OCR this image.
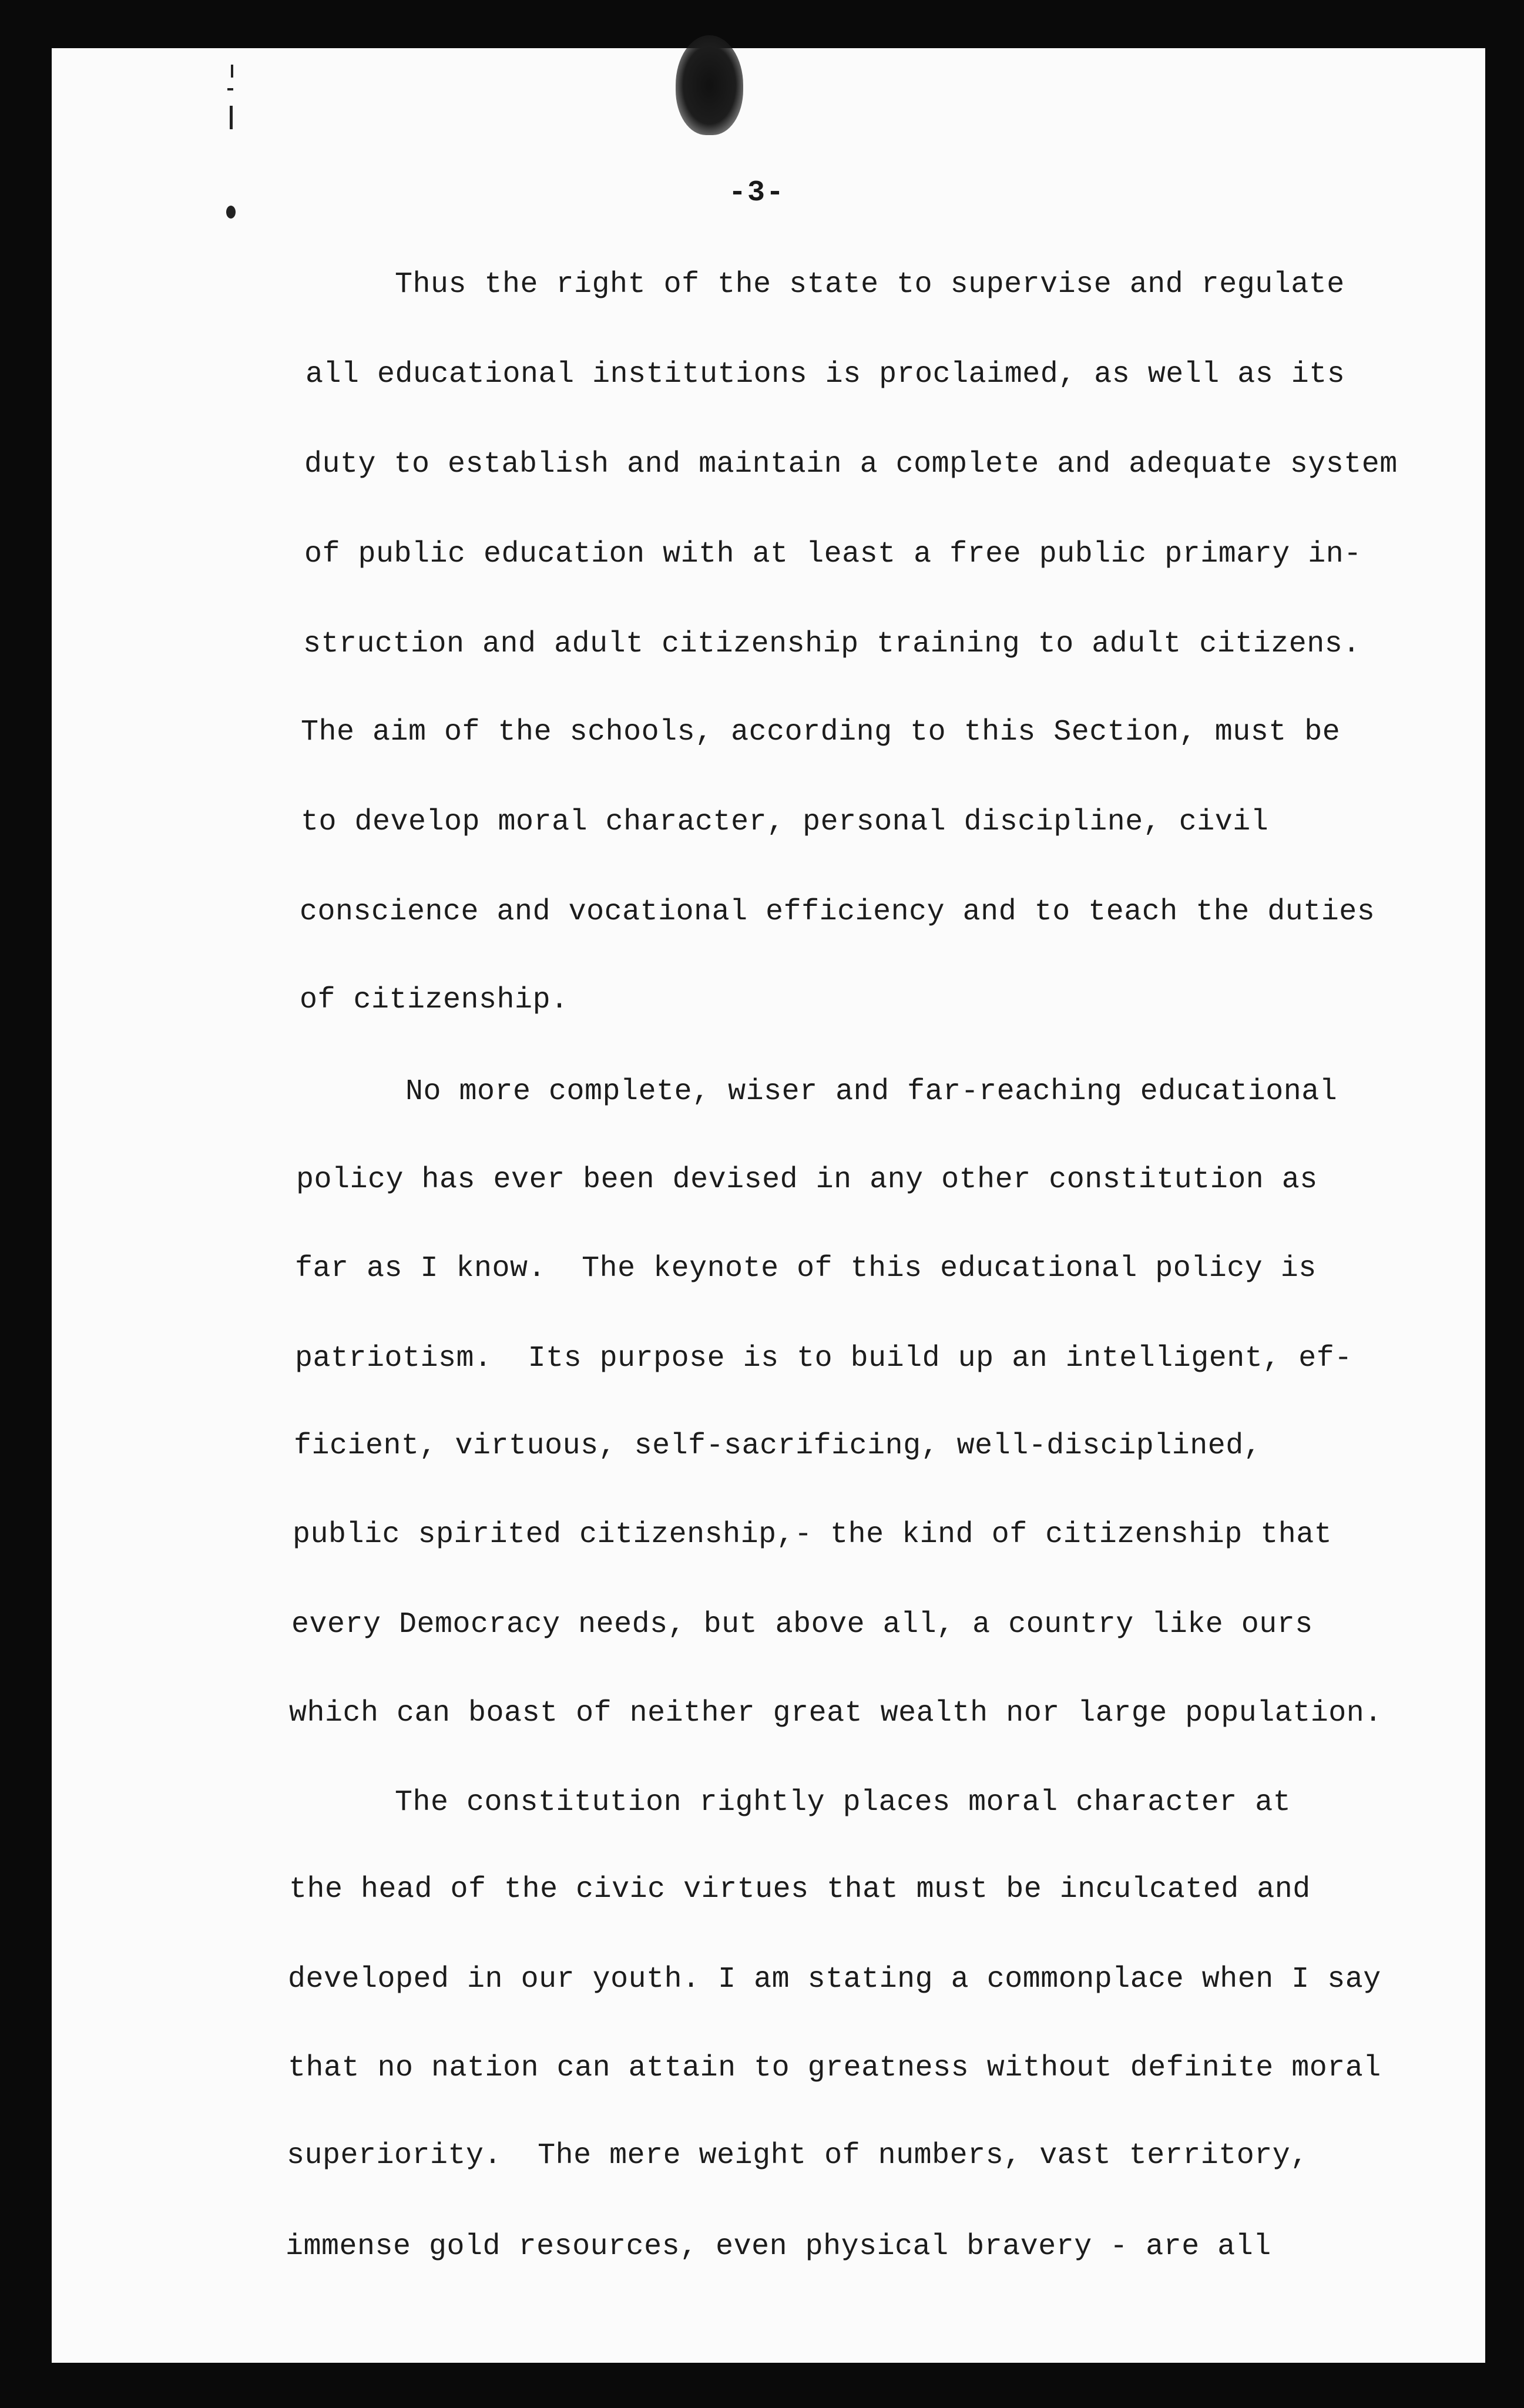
-3-
Thus the right of the state to supervise and regulate
all educational institutions is proclaimed, as well as its
duty to establish and maintain a complete and adequate system
of public education with at least a free public primary in-
struction and adult citizenship training to adult citizens.
The aim of the schools, according to this Section, must be
to develop moral character, personal discipline, civil
conscience and vocational efficiency and to teach the duties
of citizenship.
No more complete, wiser and far-reaching educational
policy has ever been devised in any other constitution as
far as I know.  The keynote of this educational policy is
patriotism.  Its purpose is to build up an intelligent, ef-
ficient, virtuous, self-sacrificing, well-disciplined,
public spirited citizenship,- the kind of citizenship that
every Democracy needs, but above all, a country like ours
which can boast of neither great wealth nor large population.
The constitution rightly places moral character at
the head of the civic virtues that must be inculcated and
developed in our youth. I am stating a commonplace when I say
that no nation can attain to greatness without definite moral
superiority.  The mere weight of numbers, vast territory,
immense gold resources, even physical bravery - are all
